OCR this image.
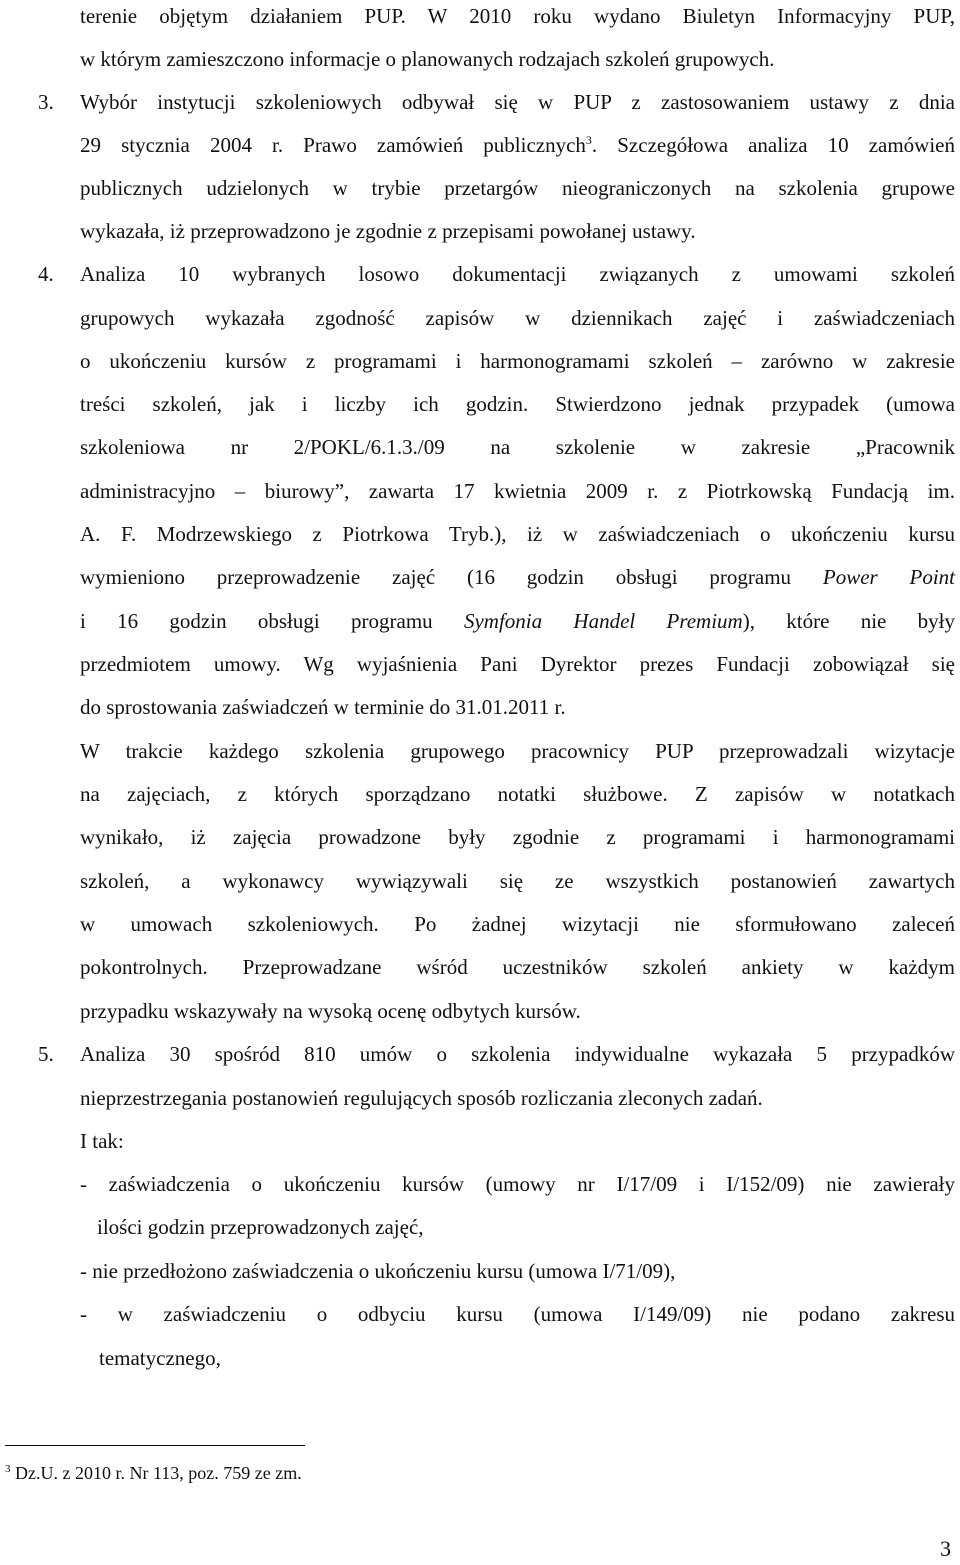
terenie objętym działaniem PUP. W 2010 roku wydano Biuletyn Informacyjny PUP,
w którym zamieszczono informacje o planowanych rodzajach szkoleń grupowych.
3. Wybór instytucji szkoleniowych odbywał się w PUP z zastosowaniem ustawy z dnia
29 stycznia 2004 r. Prawo zamówień publicznych$^3$. Szczegółowa analiza 10 zamówień
publicznych udzielonych w trybie przetargów nieograniczonych na szkolenia grupowe
wykazała, iż przeprowadzono je zgodnie z przepisami powołanej ustawy.
4. Analiza 10 wybranych losowo dokumentacji związanych z umowami szkoleń
grupowych wykazała zgodność zapisów w dziennikach zajęć i zaświadczeniach
o ukończeniu kursów z programami i harmonogramami szkoleń – zarówno w zakresie
treści szkoleń, jak i liczby ich godzin. Stwierdzono jednak przypadek (umowa
szkoleniowa nr 2/POKL/6.1.3./09 na szkolenie w zakresie „Pracownik
administracyjno – biurowy”, zawarta 17 kwietnia 2009 r. z Piotrkowską Fundacją im.
A. F. Modrzewskiego z Piotrkowa Tryb.), iż w zaświadczeniach o ukończeniu kursu
wymieniono przeprowadzenie zajęć (16 godzin obsługi programu Power Point
i 16 godzin obsługi programu Symfonia Handel Premium), które nie były
przedmiotem umowy. Wg wyjaśnienia Pani Dyrektor prezes Fundacji zobowiązał się
do sprostowania zaświadczeń w terminie do 31.01.2011 r.
W trakcie każdego szkolenia grupowego pracownicy PUP przeprowadzali wizytacje
na zajęciach, z których sporządzano notatki służbowe. Z zapisów w notatkach
wynikało, iż zajęcia prowadzone były zgodnie z programami i harmonogramami
szkoleń, a wykonawcy wywiązywali się ze wszystkich postanowień zawartych
w umowach szkoleniowych. Po żadnej wizytacji nie sformułowano zaleceń
pokontrolnych. Przeprowadzane wśród uczestników szkoleń ankiety w każdym
przypadku wskazywały na wysoką ocenę odbytych kursów.
5. Analiza 30 spośród 810 umów o szkolenia indywidualne wykazała 5 przypadków
nieprzestrzegania postanowień regulujących sposób rozliczania zleconych zadań.
I tak:
- zaświadczenia o ukończeniu kursów (umowy nr I/17/09 i I/152/09) nie zawierały
ilości godzin przeprowadzonych zajęć,
- nie przedłożono zaświadczenia o ukończeniu kursu (umowa I/71/09),
- w zaświadczeniu o odbyciu kursu (umowa I/149/09) nie podano zakresu
tematycznego,
$^3$ Dz.U. z 2010 r. Nr 113, poz. 759 ze zm.
3
